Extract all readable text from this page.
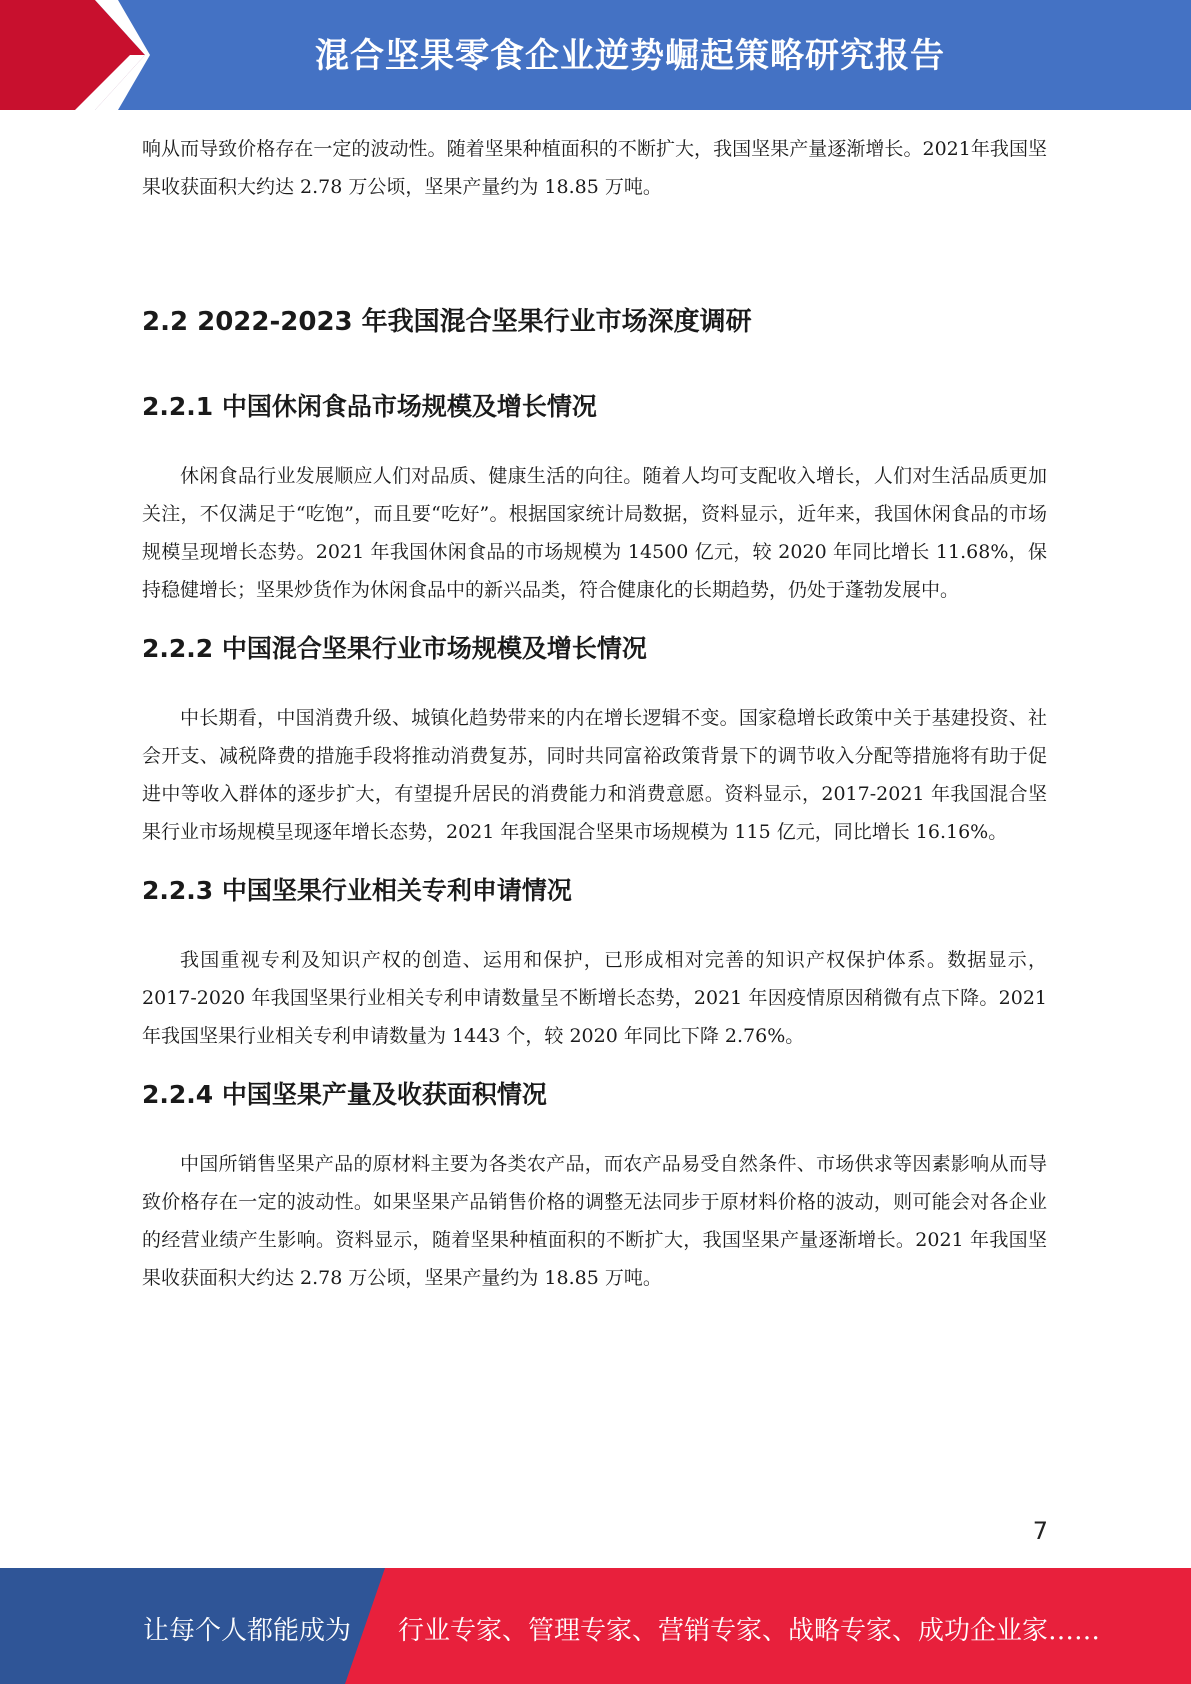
混合坚果零食企业逆势崛起策略研究报告

响从而导致价格存在一定的波动性。随着坚果种植面积的不断扩大，我国坚果产量逐渐增长。2021年我国坚果收获面积大约达 2.78 万公顷，坚果产量约为 18.85 万吨。

2.2 2022-2023 年我国混合坚果行业市场深度调研
2.2.1 中国休闲食品市场规模及增长情况

休闲食品行业发展顺应人们对品质、健康生活的向往。随着人均可支配收入增长，人们对生活品质更加关注，不仅满足于“吃饱”，而且要“吃好”。根据国家统计局数据，资料显示，近年来，我国休闲食品的市场规模呈现增长态势。2021 年我国休闲食品的市场规模为 14500 亿元，较 2020 年同比增长 11.68%，保持稳健增长；坚果炒货作为休闲食品中的新兴品类，符合健康化的长期趋势，仍处于蓬勃发展中。

2.2.2 中国混合坚果行业市场规模及增长情况

中长期看，中国消费升级、城镇化趋势带来的内在增长逻辑不变。国家稳增长政策中关于基建投资、社会开支、减税降费的措施手段将推动消费复苏，同时共同富裕政策背景下的调节收入分配等措施将有助于促进中等收入群体的逐步扩大，有望提升居民的消费能力和消费意愿。资料显示，2017-2021 年我国混合坚果行业市场规模呈现逐年增长态势，2021 年我国混合坚果市场规模为 115 亿元，同比增长 16.16%。

2.2.3 中国坚果行业相关专利申请情况

我国重视专利及知识产权的创造、运用和保护，已形成相对完善的知识产权保护体系。数据显示，2017-2020 年我国坚果行业相关专利申请数量呈不断增长态势，2021 年因疫情原因稍微有点下降。2021 年我国坚果行业相关专利申请数量为 1443 个，较 2020 年同比下降 2.76%。

2.2.4 中国坚果产量及收获面积情况

中国所销售坚果产品的原材料主要为各类农产品，而农产品易受自然条件、市场供求等因素影响从而导致价格存在一定的波动性。如果坚果产品销售价格的调整无法同步于原材料价格的波动，则可能会对各企业的经营业绩产生影响。资料显示，随着坚果种植面积的不断扩大，我国坚果产量逐渐增长。2021 年我国坚果收获面积大约达 2.78 万公顷，坚果产量约为 18.85 万吨。

7
让每个人都能成为 行业专家、管理专家、营销专家、战略专家、成功企业家……
